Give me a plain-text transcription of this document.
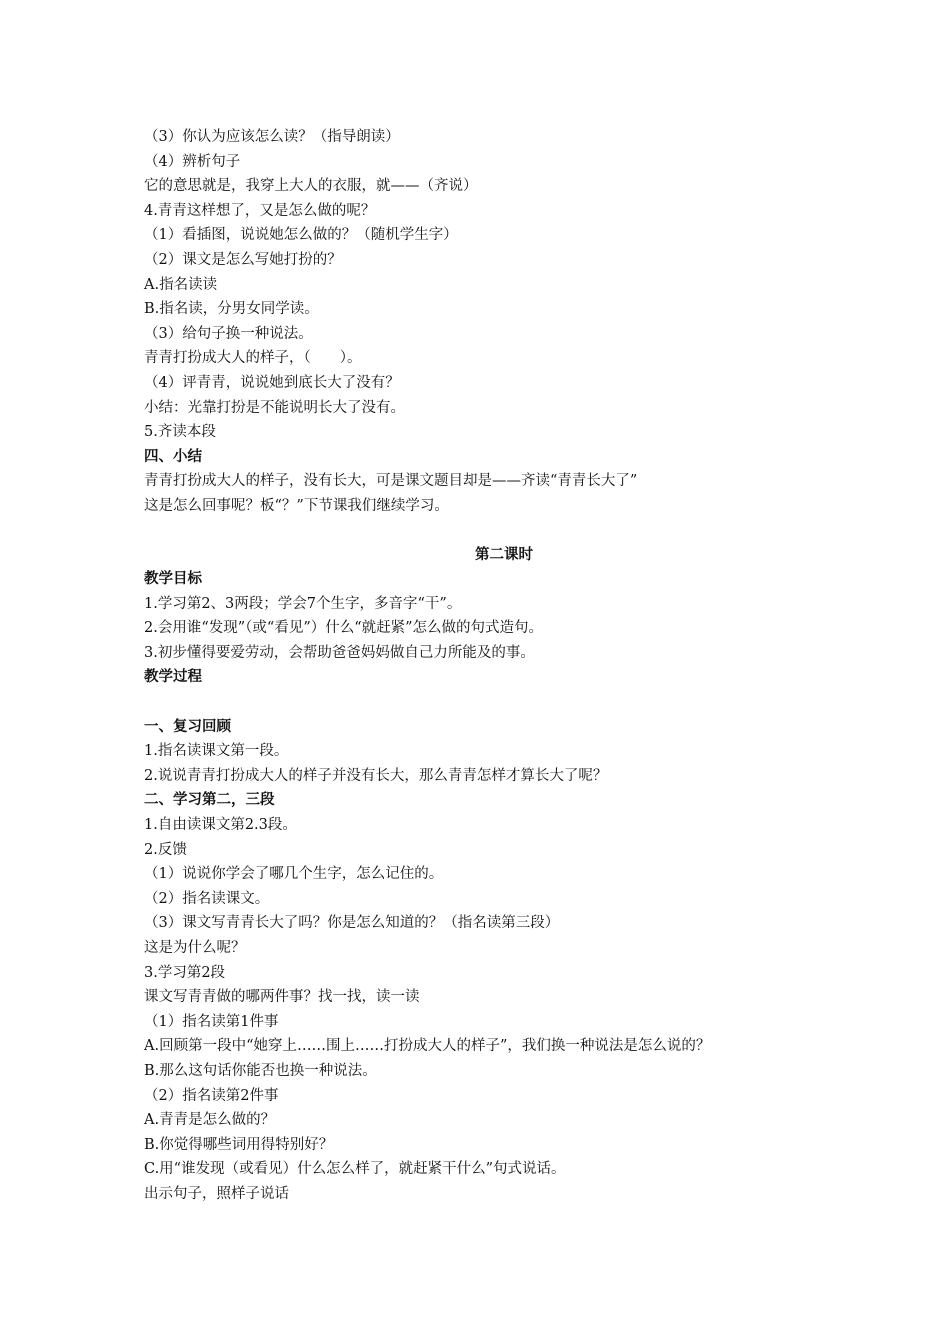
（3）你认为应该怎么读？（指导朗读）
（4）辨析句子
它的意思就是，我穿上大人的衣服，就——（齐说）
4.青青这样想了，又是怎么做的呢？
（1）看插图，说说她怎么做的？（随机学生字）
（2）课文是怎么写她打扮的？
A.指名读读
B.指名读，分男女同学读。
（3）给句子换一种说法。
青青打扮成大人的样子，（　　）。
（4）评青青，说说她到底长大了没有？
小结：光靠打扮是不能说明长大了没有。
5.齐读本段
四、小结
青青打扮成大人的样子，没有长大，可是课文题目却是——齐读“青青长大了”
这是怎么回事呢？板“？”下节课我们继续学习。
第二课时
教学目标
1.学习第2、3两段；学会7个生字，多音字“干”。
2.会用谁“发现”（或“看见”）什么“就赶紧”怎么做的句式造句。
3.初步懂得要爱劳动，会帮助爸爸妈妈做自己力所能及的事。
教学过程
一、复习回顾
1.指名读课文第一段。
2.说说青青打扮成大人的样子并没有长大，那么青青怎样才算长大了呢？
二、学习第二，三段
1.自由读课文第2.3段。
2.反馈
（1）说说你学会了哪几个生字，怎么记住的。
（2）指名读课文。
（3）课文写青青长大了吗？你是怎么知道的？（指名读第三段）
这是为什么呢？
3.学习第2段
课文写青青做的哪两件事？找一找，读一读
（1）指名读第1件事
A.回顾第一段中“她穿上……围上……打扮成大人的样子”，我们换一种说法是怎么说的？
B.那么这句话你能否也换一种说法。
（2）指名读第2件事
A.青青是怎么做的？
B.你觉得哪些词用得特别好？
C.用“谁发现（或看见）什么怎么样了，就赶紧干什么”句式说话。
出示句子，照样子说话
